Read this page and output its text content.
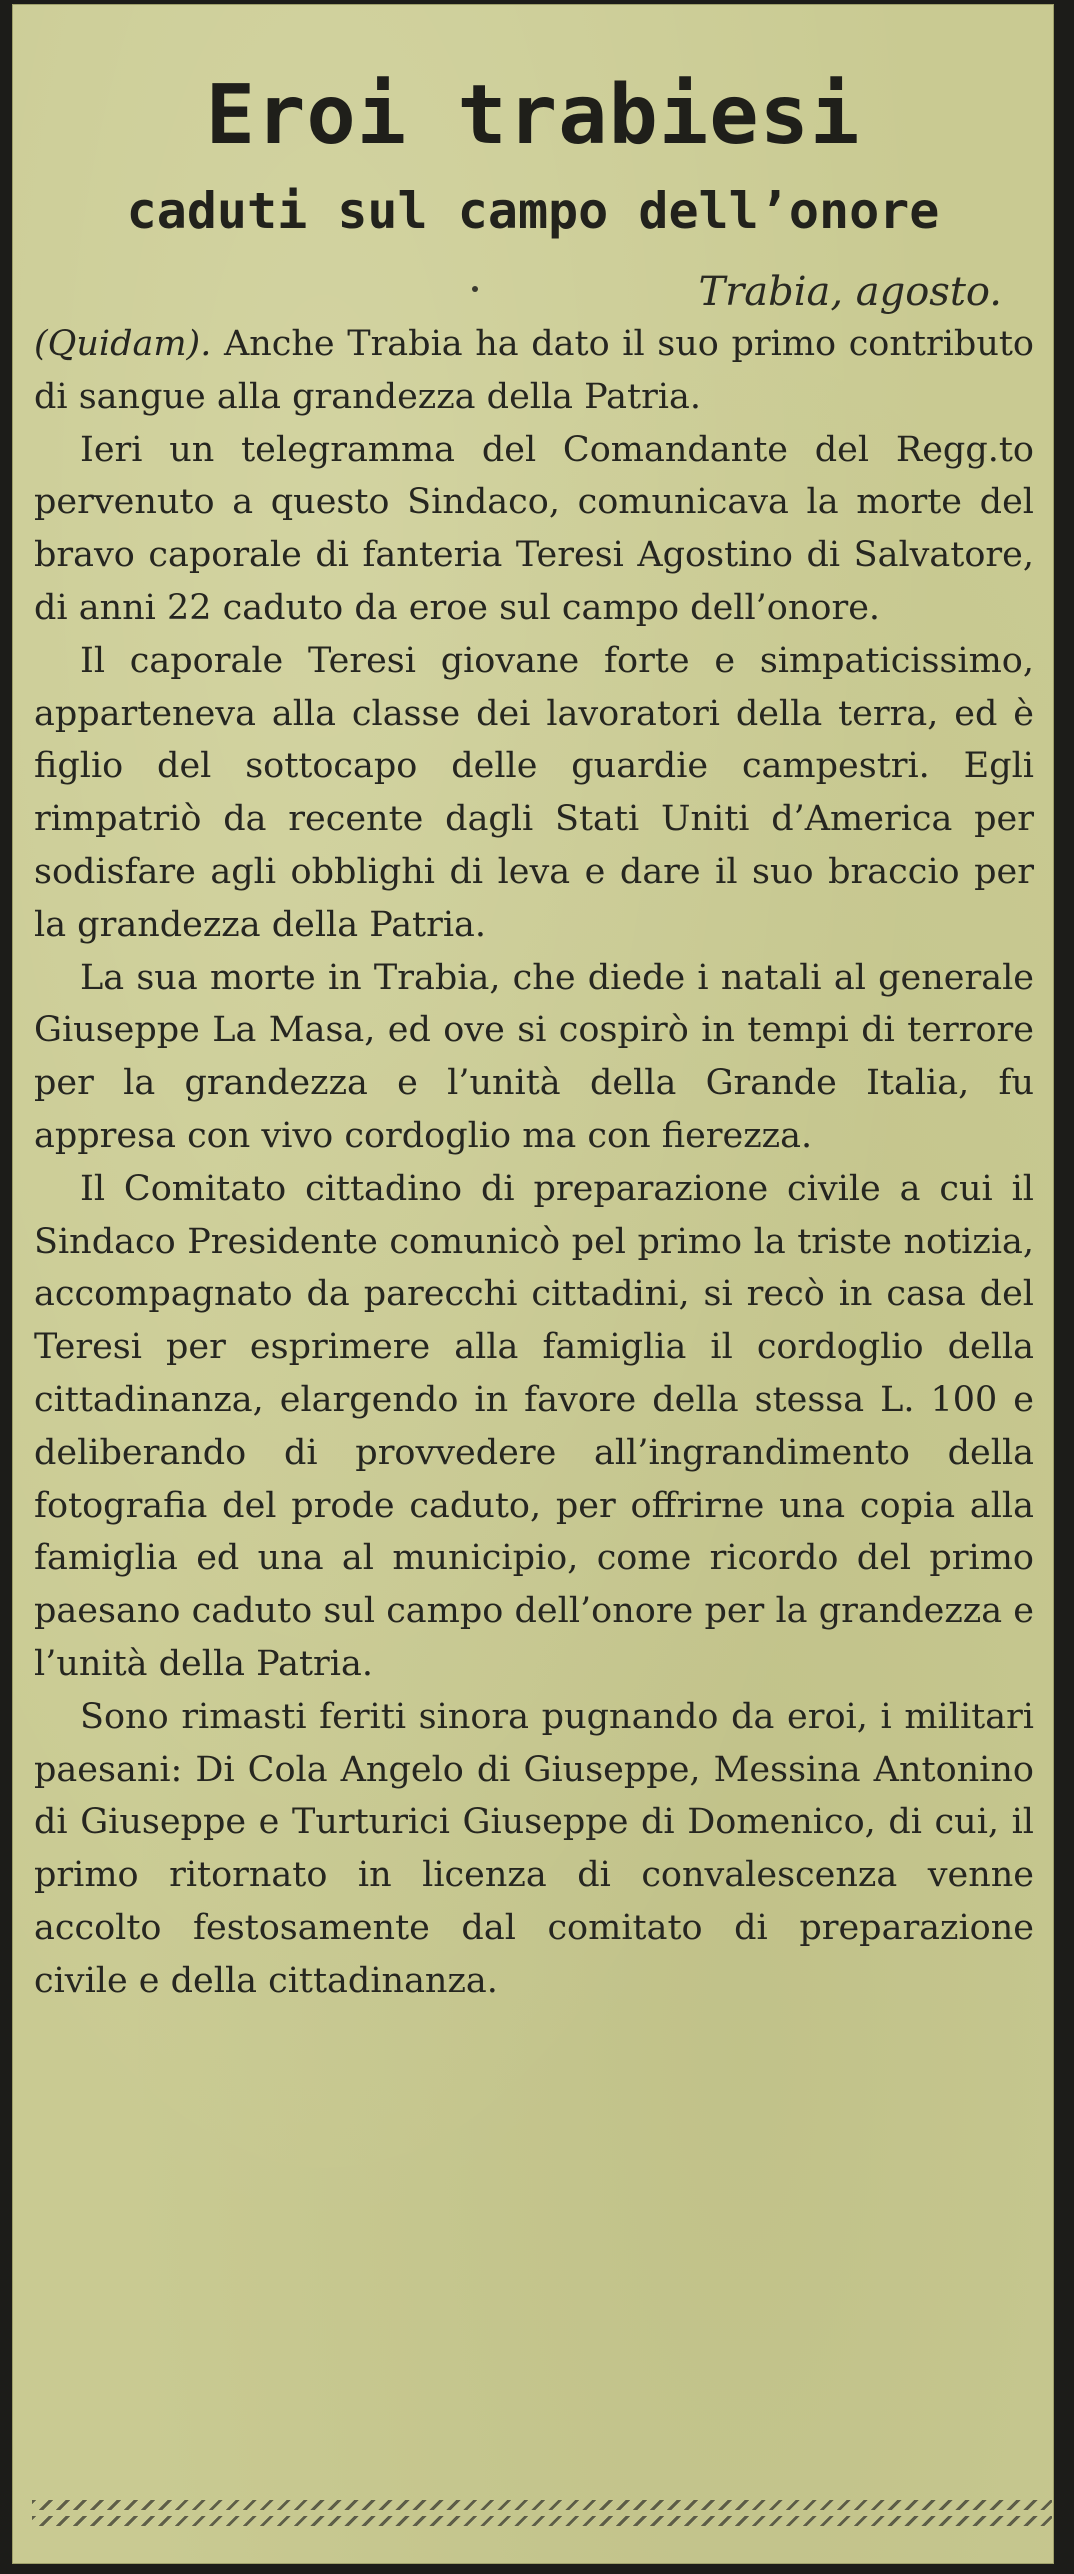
Eroi trabiesi
caduti sul campo dell’onore
Trabia, agosto.

(Quidam). Anche Trabia ha dato il suo primo contributo di sangue alla grandezza della Patria.

Ieri un telegramma del Comandante del Regg.to pervenuto a questo Sindaco, comunicava la morte del bravo caporale di fanteria Teresi Agostino di Salvatore, di anni 22 caduto da eroe sul campo dell’onore.

Il caporale Teresi giovane forte e simpaticissimo, apparteneva alla classe dei lavoratori della terra, ed è figlio del sottocapo delle guardie campestri. Egli rimpatriò da recente dagli Stati Uniti d’America per sodisfare agli obblighi di leva e dare il suo braccio per la grandezza della Patria.

La sua morte in Trabia, che diede i natali al generale Giuseppe La Masa, ed ove si cospirò in tempi di terrore per la grandezza e l’unità della Grande Italia, fu appresa con vivo cordoglio ma con fierezza.

Il Comitato cittadino di preparazione civile a cui il Sindaco Presidente comunicò pel primo la triste notizia, accompagnato da parecchi cittadini, si recò in casa del Teresi per esprimere alla famiglia il cordoglio della cittadinanza, elargendo in favore della stessa L. 100 e deliberando di provvedere all’ingrandimento della fotografia del prode caduto, per offrirne una copia alla famiglia ed una al municipio, come ricordo del primo paesano caduto sul campo dell’onore per la grandezza e l’unità della Patria.

Sono rimasti feriti sinora pugnando da eroi, i militari paesani: Di Cola Angelo di Giuseppe, Messina Antonino di Giuseppe e Turturici Giuseppe di Domenico, di cui, il primo ritornato in licenza di convalescenza venne accolto festosamente dal comitato di preparazione civile e della cittadinanza.
